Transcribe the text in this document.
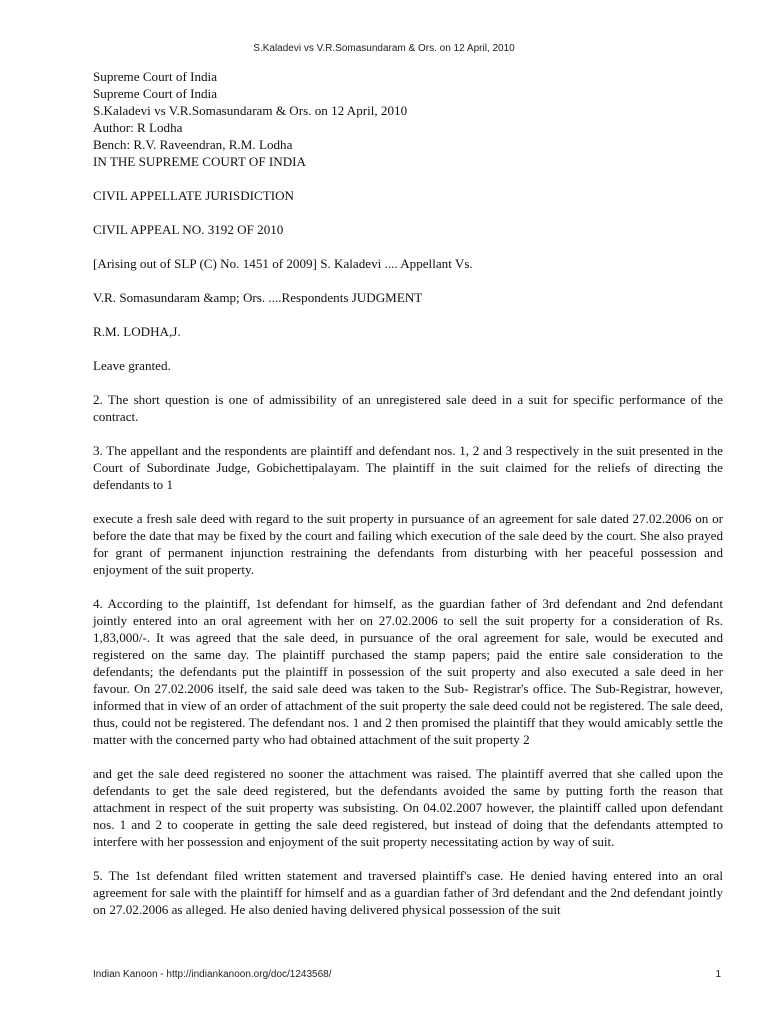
S.Kaladevi vs V.R.Somasundaram & Ors. on 12 April, 2010
Supreme Court of India
Supreme Court of India
S.Kaladevi vs V.R.Somasundaram & Ors. on 12 April, 2010
Author: R Lodha
Bench: R.V. Raveendran, R.M. Lodha
IN THE SUPREME COURT OF INDIA
CIVIL APPELLATE JURISDICTION
CIVIL APPEAL NO. 3192 OF 2010
[Arising out of SLP (C) No. 1451 of 2009] S. Kaladevi .... Appellant Vs.
V.R. Somasundaram &amp; Ors. ....Respondents JUDGMENT
R.M. LODHA,J.
Leave granted.

2. The short question is one of admissibility of an unregistered sale deed in a suit for specific performance of the contract.

3. The appellant and the respondents are plaintiff and defendant nos. 1, 2 and 3 respectively in the suit presented in the Court of Subordinate Judge, Gobichettipalayam. The plaintiff in the suit claimed for the reliefs of directing the defendants to 1

execute a fresh sale deed with regard to the suit property in pursuance of an agreement for sale dated 27.02.2006 on or before the date that may be fixed by the court and failing which execution of the sale deed by the court. She also prayed for grant of permanent injunction restraining the defendants from disturbing with her peaceful possession and enjoyment of the suit property.

4. According to the plaintiff, 1st defendant for himself, as the guardian father of 3rd defendant and 2nd defendant jointly entered into an oral agreement with her on 27.02.2006 to sell the suit property for a consideration of Rs. 1,83,000/-. It was agreed that the sale deed, in pursuance of the oral agreement for sale, would be executed and registered on the same day. The plaintiff purchased the stamp papers; paid the entire sale consideration to the defendants; the defendants put the plaintiff in possession of the suit property and also executed a sale deed in her favour. On 27.02.2006 itself, the said sale deed was taken to the Sub- Registrar's office. The Sub-Registrar, however, informed that in view of an order of attachment of the suit property the sale deed could not be registered. The sale deed, thus, could not be registered. The defendant nos. 1 and 2 then promised the plaintiff that they would amicably settle the matter with the concerned party who had obtained attachment of the suit property 2

and get the sale deed registered no sooner the attachment was raised. The plaintiff averred that she called upon the defendants to get the sale deed registered, but the defendants avoided the same by putting forth the reason that attachment in respect of the suit property was subsisting. On 04.02.2007 however, the plaintiff called upon defendant nos. 1 and 2 to cooperate in getting the sale deed registered, but instead of doing that the defendants attempted to interfere with her possession and enjoyment of the suit property necessitating action by way of suit.

5. The 1st defendant filed written statement and traversed plaintiff's case. He denied having entered into an oral agreement for sale with the plaintiff for himself and as a guardian father of 3rd defendant and the 2nd defendant jointly on 27.02.2006 as alleged. He also denied having delivered physical possession of the suit

Indian Kanoon - http://indiankanoon.org/doc/1243568/	1
